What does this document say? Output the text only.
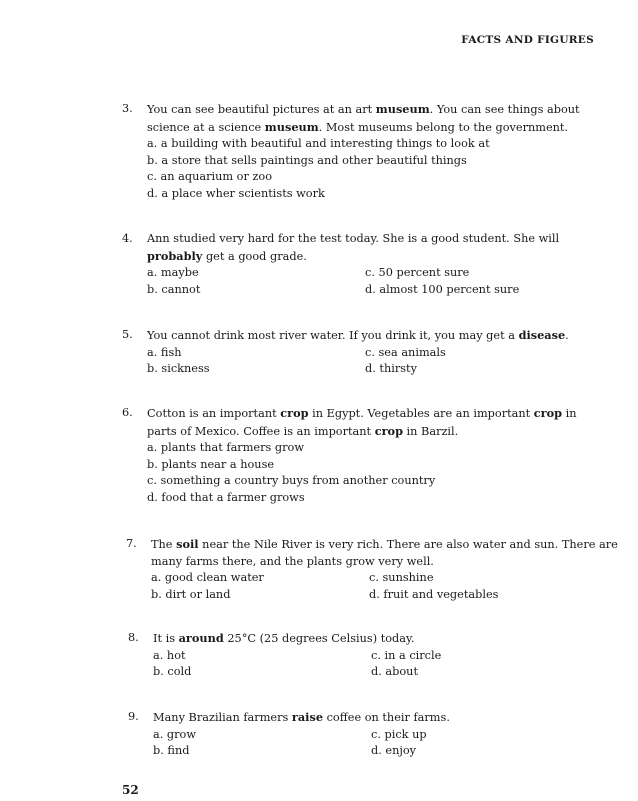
FACTS AND FIGURES
3. You can see beautiful pictures at an art museum. You can see things about
science at a science museum. Most museums belong to the government.
a. a building with beautiful and interesting things to look at
b. a store that sells paintings and other beautiful things
c. an aquarium or zoo
d. a place wher scientists work
4. Ann studied very hard for the test today. She is a good student. She will
probably get a good grade.
a. maybe	c. 50 percent sure
b. cannot	d. almost 100 percent sure
5. You cannot drink most river water. If you drink it, you may get a disease.
a. fish	c. sea animals
b. sickness	d. thirsty
6. Cotton is an important crop in Egypt. Vegetables are an important crop in
parts of Mexico. Coffee is an important crop in Barzil.
a. plants that farmers grow
b. plants near a house
c. something a country buys from another country
d. food that a farmer grows
7. The soil near the Nile River is very rich. There are also water and sun. There are
many farms there, and the plants grow very well.
a. good clean water	c. sunshine
b. dirt or land	d. fruit and vegetables
8. It is around 25°C (25 degrees Celsius) today.
a. hot	c. in a circle
b. cold	d. about
9. Many Brazilian farmers raise coffee on their farms.
a. grow	c. pick up
b. find	d. enjoy
52
